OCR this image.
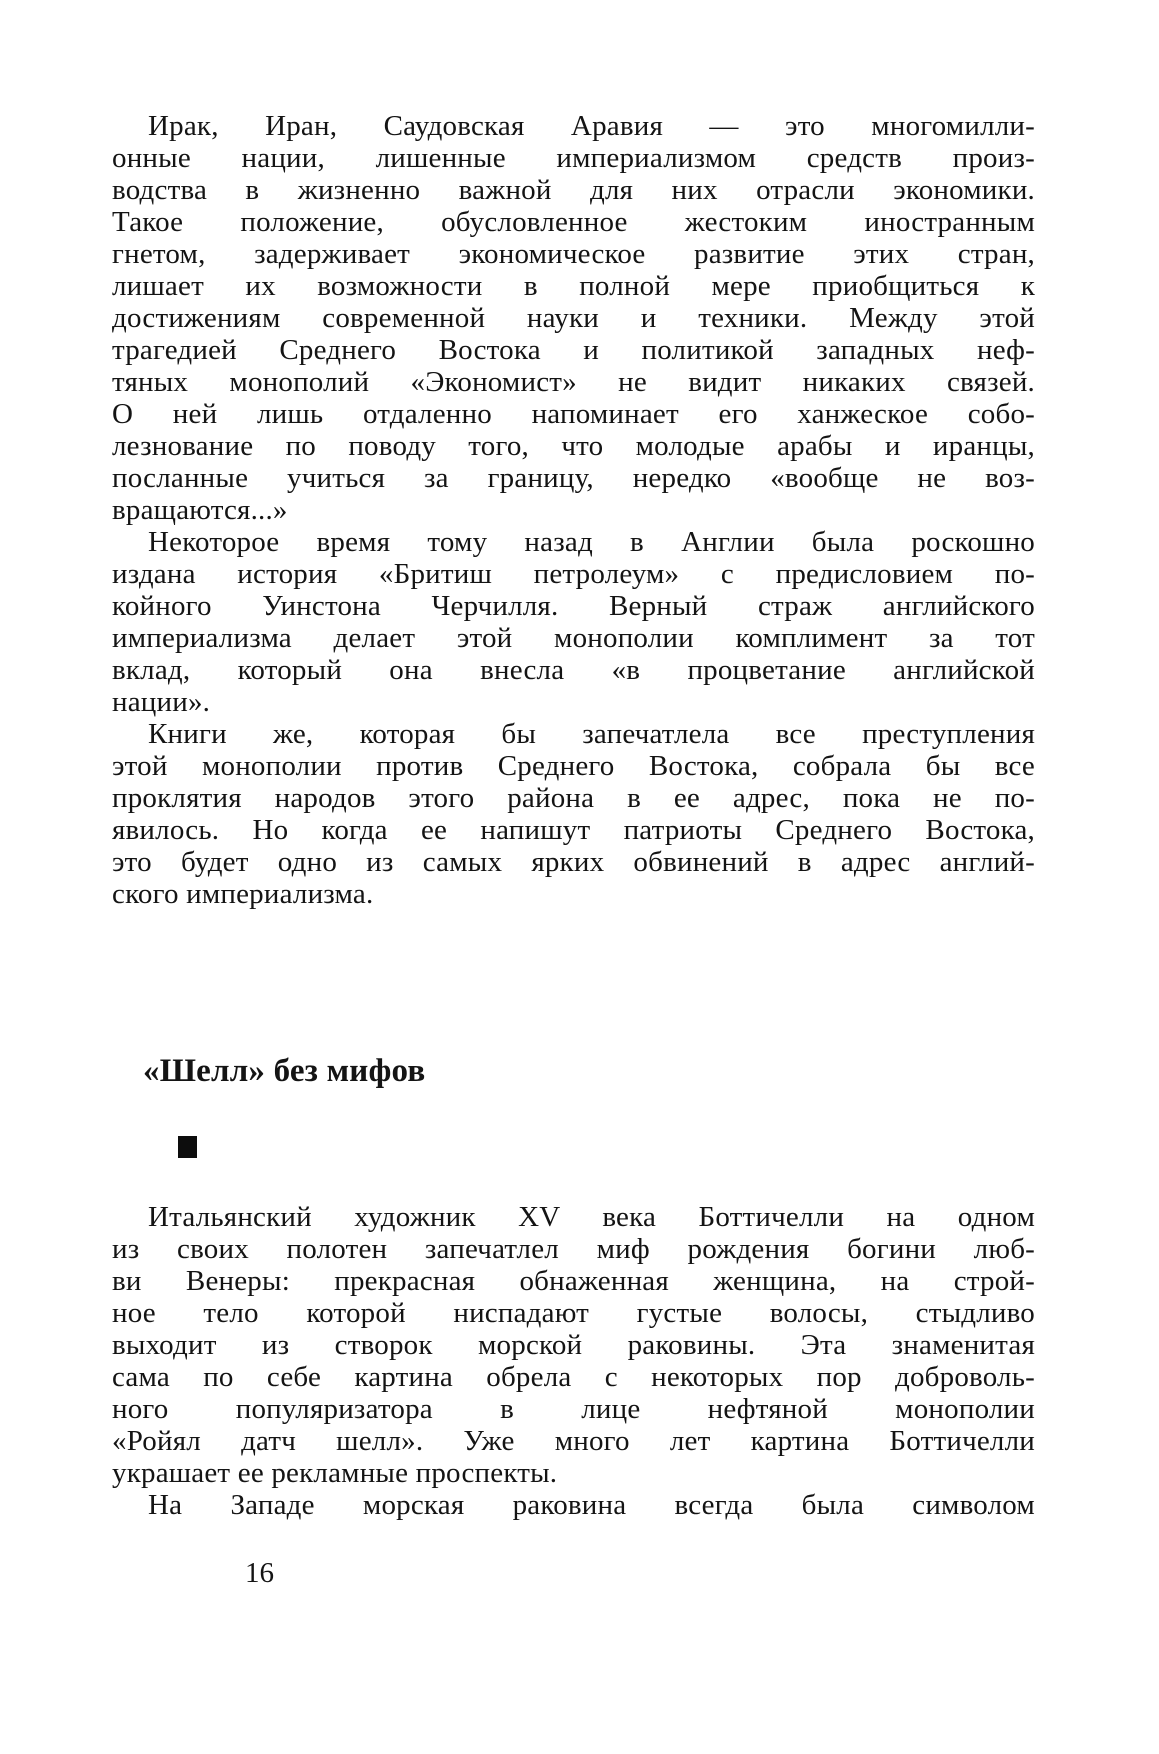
Ирак, Иран, Саудовская Аравия — это многомилли-
онные нации, лишенные империализмом средств произ-
водства в жизненно важной для них отрасли экономики.
Такое положение, обусловленное жестоким иностранным
гнетом, задерживает экономическое развитие этих стран,
лишает их возможности в полной мере приобщиться к
достижениям современной науки и техники. Между этой
трагедией Среднего Востока и политикой западных неф-
тяных монополий «Экономист» не видит никаких связей.
О ней лишь отдаленно напоминает его ханжеское собо-
лезнование по поводу того, что молодые арабы и иранцы,
посланные учиться за границу, нередко «вообще не воз-
вращаются...»
Некоторое время тому назад в Англии была роскошно
издана история «Бритиш петролеум» с предисловием по-
койного Уинстона Черчилля. Верный страж английского
империализма делает этой монополии комплимент за тот
вклад, который она внесла «в процветание английской
нации».
Книги же, которая бы запечатлела все преступления
этой монополии против Среднего Востока, собрала бы все
проклятия народов этого района в ее адрес, пока не по-
явилось. Но когда ее напишут патриоты Среднего Востока,
это будет одно из самых ярких обвинений в адрес англий-
ского империализма.
«Шелл» без мифов
Итальянский художник XV века Боттичелли на одном
из своих полотен запечатлел миф рождения богини люб-
ви Венеры: прекрасная обнаженная женщина, на строй-
ное тело которой ниспадают густые волосы, стыдливо
выходит из створок морской раковины. Эта знаменитая
сама по себе картина обрела с некоторых пор доброволь-
ного популяризатора в лице нефтяной монополии
«Ройял датч шелл». Уже много лет картина Боттичелли
украшает ее рекламные проспекты.
На Западе морская раковина всегда была символом
16
